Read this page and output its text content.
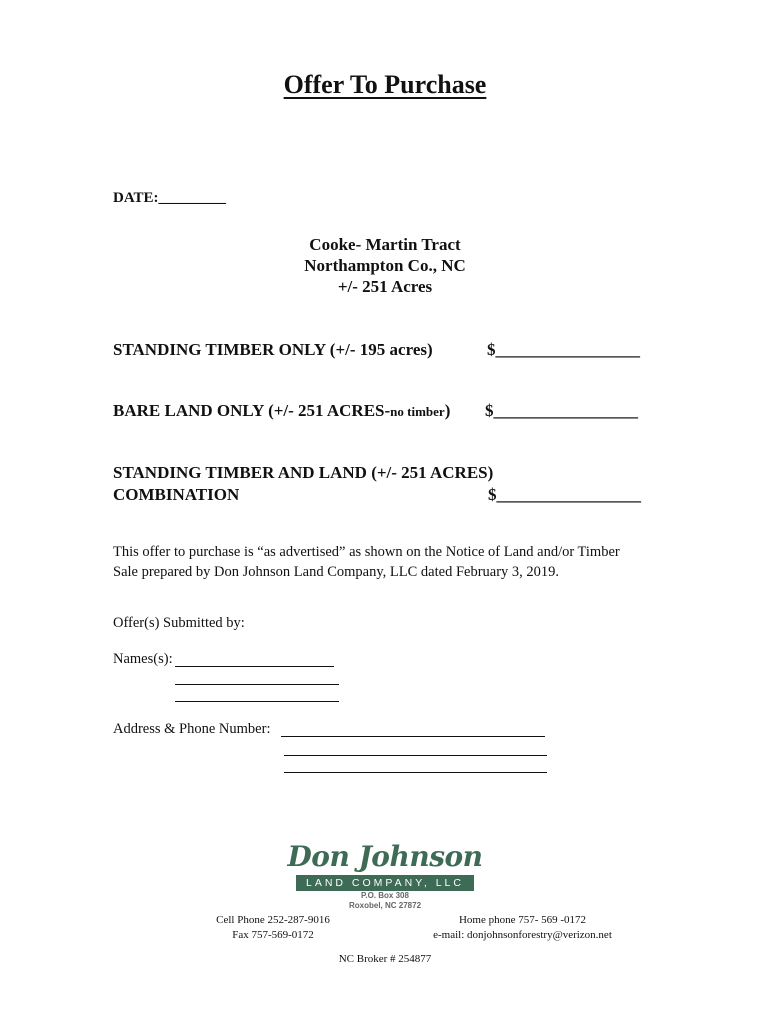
Offer To Purchase
DATE:_________
Cooke- Martin Tract
Northampton Co., NC
+/- 251 Acres
STANDING TIMBER ONLY (+/- 195 acres)	$_________________
BARE LAND ONLY (+/- 251 ACRES-no timber) $_________________
STANDING TIMBER AND LAND (+/- 251 ACRES)
COMBINATION	$_________________
This offer to purchase is “as advertised” as shown on the Notice of Land and/or Timber
Sale prepared by Don Johnson Land Company, LLC dated February 3, 2019.
Offer(s) Submitted by:
Names(s):
Address & Phone Number:
Don Johnson
LAND COMPANY, LLC
P.O. Box 308
Roxobel, NC 27872
Cell Phone 252-287-9016
Fax 757-569-0172
Home phone 757- 569 -0172
e-mail: donjohnsonforestry@verizon.net
NC Broker # 254877
